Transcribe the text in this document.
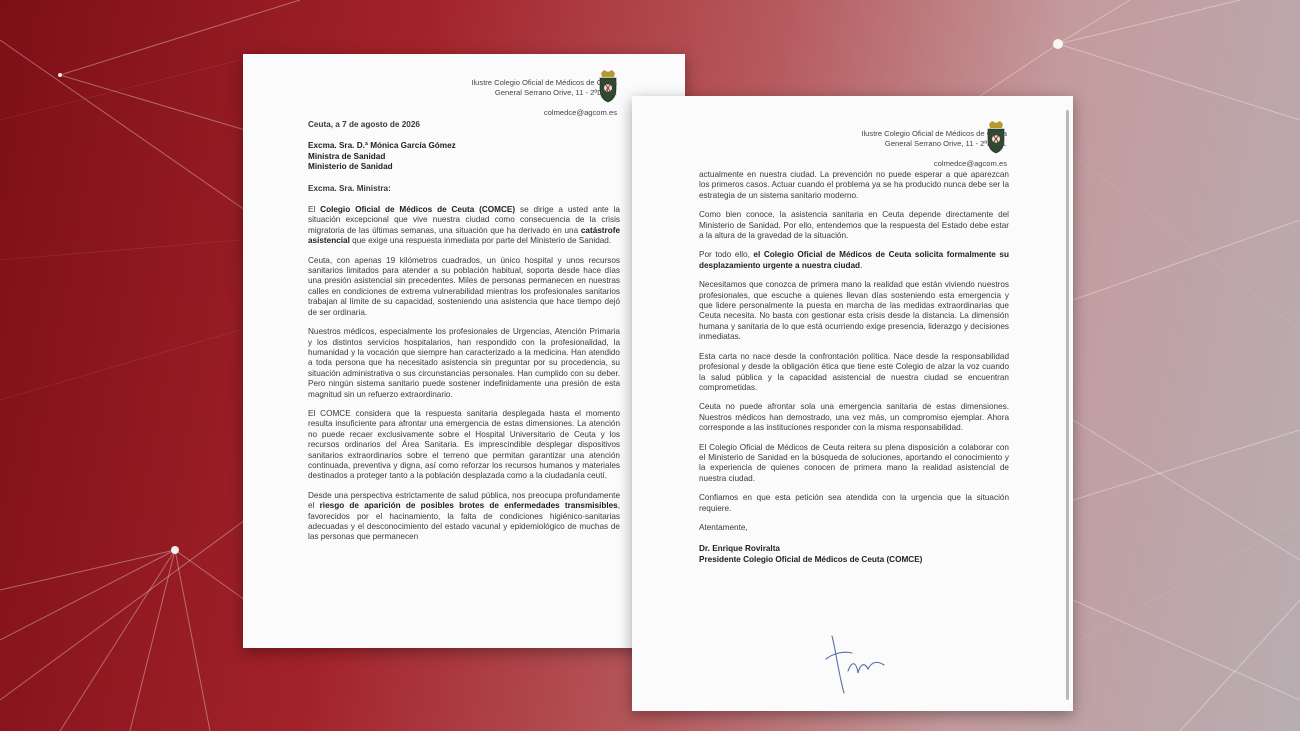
Ilustre Colegio Oficial de Médicos de Ceuta
General Serrano Orive, 11 - 2ºDcha.
colmedce@agcom.es

Ceuta, a 7 de agosto de 2026

Excma. Sra. D.ª Mónica García Gómez

Ministra de Sanidad

Ministerio de Sanidad

Excma. Sra. Ministra:

El Colegio Oficial de Médicos de Ceuta (COMCE) se dirige a usted ante la situación excepcional que vive nuestra ciudad como consecuencia de la crisis migratoria de las últimas semanas, una situación que ha derivado en una catástrofe asistencial que exige una respuesta inmediata por parte del Ministerio de Sanidad.

Ceuta, con apenas 19 kilómetros cuadrados, un único hospital y unos recursos sanitarios limitados para atender a su población habitual, soporta desde hace días una presión asistencial sin precedentes. Miles de personas permanecen en nuestras calles en condiciones de extrema vulnerabilidad mientras los profesionales sanitarios trabajan al límite de su capacidad, sosteniendo una asistencia que hace tiempo dejó de ser ordinaria.

Nuestros médicos, especialmente los profesionales de Urgencias, Atención Primaria y los distintos servicios hospitalarios, han respondido con la profesionalidad, la humanidad y la vocación que siempre han caracterizado a la medicina. Han atendido a toda persona que ha necesitado asistencia sin preguntar por su procedencia, su situación administrativa o sus circunstancias personales. Han cumplido con su deber. Pero ningún sistema sanitario puede sostener indefinidamente una presión de esta magnitud sin un refuerzo extraordinario.

El COMCE considera que la respuesta sanitaria desplegada hasta el momento resulta insuficiente para afrontar una emergencia de estas dimensiones. La atención no puede recaer exclusivamente sobre el Hospital Universitario de Ceuta y los recursos ordinarios del Área Sanitaria. Es imprescindible desplegar dispositivos sanitarios extraordinarios sobre el terreno que permitan garantizar una atención continuada, preventiva y digna, así como reforzar los recursos humanos y materiales destinados a proteger tanto a la población desplazada como a la ciudadanía ceutí.

Desde una perspectiva estrictamente de salud pública, nos preocupa profundamente el riesgo de aparición de posibles brotes de enfermedades transmisibles, favorecidos por el hacinamiento, la falta de condiciones higiénico-sanitarias adecuadas y el desconocimiento del estado vacunal y epidemiológico de muchas de las personas que permanecen

Ilustre Colegio Oficial de Médicos de Ceuta
General Serrano Orive, 11 - 2ºDcha.
colmedce@agcom.es

actualmente en nuestra ciudad. La prevención no puede esperar a que aparezcan los primeros casos. Actuar cuando el problema ya se ha producido nunca debe ser la estrategia de un sistema sanitario moderno.

Como bien conoce, la asistencia sanitaria en Ceuta depende directamente del Ministerio de Sanidad. Por ello, entendemos que la respuesta del Estado debe estar a la altura de la gravedad de la situación.

Por todo ello, el Colegio Oficial de Médicos de Ceuta solicita formalmente su desplazamiento urgente a nuestra ciudad.

Necesitamos que conozca de primera mano la realidad que están viviendo nuestros profesionales, que escuche a quienes llevan días sosteniendo esta emergencia y que lidere personalmente la puesta en marcha de las medidas extraordinarias que Ceuta necesita. No basta con gestionar esta crisis desde la distancia. La dimensión humana y sanitaria de lo que está ocurriendo exige presencia, liderazgo y decisiones inmediatas.

Esta carta no nace desde la confrontación política. Nace desde la responsabilidad profesional y desde la obligación ética que tiene este Colegio de alzar la voz cuando la salud pública y la capacidad asistencial de nuestra ciudad se encuentran comprometidas.

Ceuta no puede afrontar sola una emergencia sanitaria de estas dimensiones. Nuestros médicos han demostrado, una vez más, un compromiso ejemplar. Ahora corresponde a las instituciones responder con la misma responsabilidad.

El Colegio Oficial de Médicos de Ceuta reitera su plena disposición a colaborar con el Ministerio de Sanidad en la búsqueda de soluciones, aportando el conocimiento y la experiencia de quienes conocen de primera mano la realidad asistencial de nuestra ciudad.

Confiamos en que esta petición sea atendida con la urgencia que la situación requiere.

Atentamente,

Dr. Enrique Roviralta

Presidente Colegio Oficial de Médicos de Ceuta (COMCE)
